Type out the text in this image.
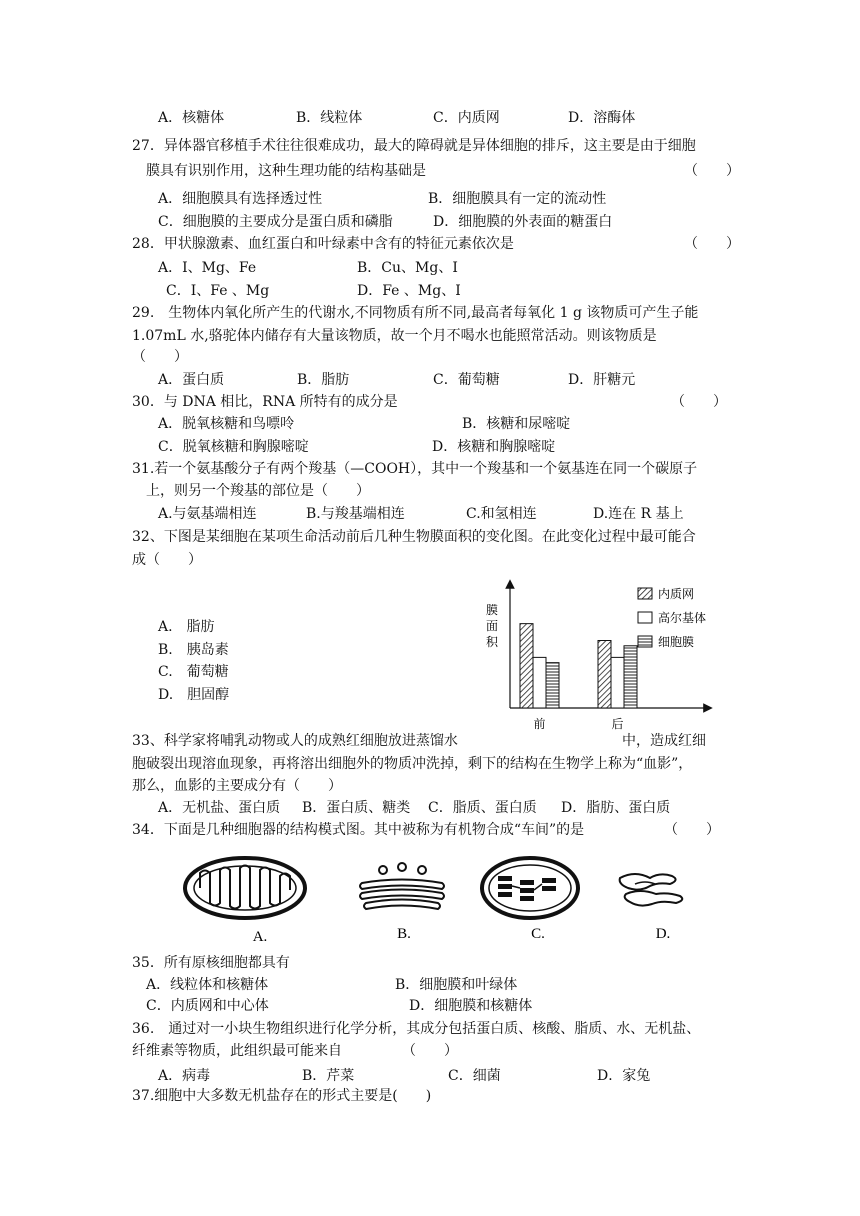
A．核糖体	B．线粒体	C．内质网	D．溶酶体
27．异体器官移植手术往往很难成功，最大的障碍就是异体细胞的排斥，这主要是由于细胞
膜具有识别作用，这种生理功能的结构基础是	（　　）
A．细胞膜具有选择透过性	B．细胞膜具有一定的流动性
C．细胞膜的主要成分是蛋白质和磷脂	D．细胞膜的外表面的糖蛋白
28．甲状腺激素、血红蛋白和叶绿素中含有的特征元素依次是	（　　）
A．I、Mg、Fe	B．Cu、Mg、I
C．I、Fe 、Mg	D．Fe 、Mg、I
29.　生物体内氧化所产生的代谢水,不同物质有所不同,最高者每氧化 1 g 该物质可产生子能
1.07mL 水,骆驼体内储存有大量该物质，故一个月不喝水也能照常活动。则该物质是
（　　）
A．蛋白质	B．脂肪	C．葡萄糖	D．肝糖元
30．与 DNA 相比，RNA 所特有的成分是	（　　）
A．脱氧核糖和鸟嘌呤	B．核糖和尿嘧啶
C．脱氧核糖和胸腺嘧啶	D．核糖和胸腺嘧啶
31.若一个氨基酸分子有两个羧基（—COOH），其中一个羧基和一个氨基连在同一个碳原子
上，则另一个羧基的部位是（　　）
A.与氨基端相连	B.与羧基端相连	C.和氢相连	D.连在 R 基上
32、下图是某细胞在某项生命活动前后几种生物膜面积的变化图。在此变化过程中最可能合
成（　　）
A.　脂肪
B.　胰岛素
C.　葡萄糖
D.　胆固醇
膜
面
积
前	后
内质网
高尔基体
细胞膜
33、科学家将哺乳动物或人的成熟红细胞放进蒸馏水	中，造成红细
胞破裂出现溶血现象，再将溶出细胞外的物质冲洗掉，剩下的结构在生物学上称为“血影”，
那么，血影的主要成分有（　　）
A．无机盐、蛋白质 B．蛋白质、糖类 C．脂质、蛋白质 D．脂肪、蛋白质
34．下面是几种细胞器的结构模式图。其中被称为有机物合成“车间”的是	（　　）
A.	B.	C.	D.
35．所有原核细胞都具有
A．线粒体和核糖体	B．细胞膜和叶绿体
C．内质网和中心体	D．细胞膜和核糖体
36.　通过对一小块生物组织进行化学分析，其成分包括蛋白质、核酸、脂质、水、无机盐、
纤维素等物质，此组织最可能来自	（　　）
A．病毒	B．芹菜	C．细菌	D．家兔
37.细胞中大多数无机盐存在的形式主要是(　　)
